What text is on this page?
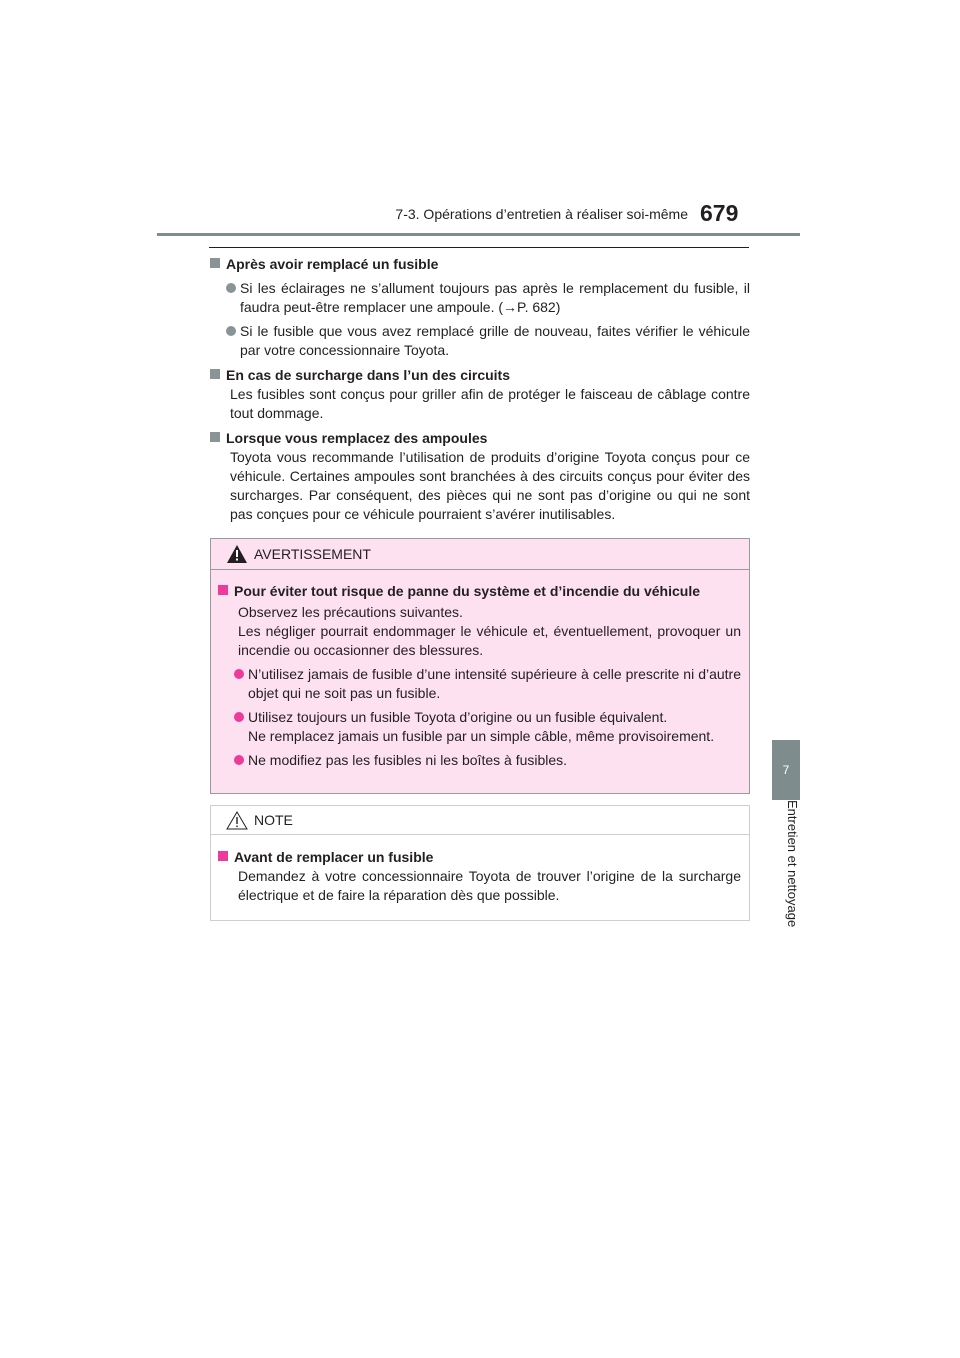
7-3. Opérations d’entretien à réaliser soi-même 679
7
Entretien et nettoyage
Après avoir remplacé un fusible
Si les éclairages ne s’allument toujours pas après le remplacement du fusible, il faudra peut-être remplacer une ampoule. (→P. 682)
Si le fusible que vous avez remplacé grille de nouveau, faites vérifier le véhicule par votre concessionnaire Toyota.
En cas de surcharge dans l’un des circuits
Les fusibles sont conçus pour griller afin de protéger le faisceau de câblage contre tout dommage.
Lorsque vous remplacez des ampoules
Toyota vous recommande l’utilisation de produits d’origine Toyota conçus pour ce véhicule. Certaines ampoules sont branchées à des circuits conçus pour éviter des surcharges. Par conséquent, des pièces qui ne sont pas d’origine ou qui ne sont pas conçues pour ce véhicule pourraient s’avérer inutilisables.
AVERTISSEMENT
Pour éviter tout risque de panne du système et d’incendie du véhicule
Observez les précautions suivantes.
Les négliger pourrait endommager le véhicule et, éventuellement, provoquer un incendie ou occasionner des blessures.
N’utilisez jamais de fusible d’une intensité supérieure à celle prescrite ni d’autre objet qui ne soit pas un fusible.
Utilisez toujours un fusible Toyota d’origine ou un fusible équivalent.
Ne remplacez jamais un fusible par un simple câble, même provisoirement.
Ne modifiez pas les fusibles ni les boîtes à fusibles.
NOTE
Avant de remplacer un fusible
Demandez à votre concessionnaire Toyota de trouver l’origine de la surcharge électrique et de faire la réparation dès que possible.
